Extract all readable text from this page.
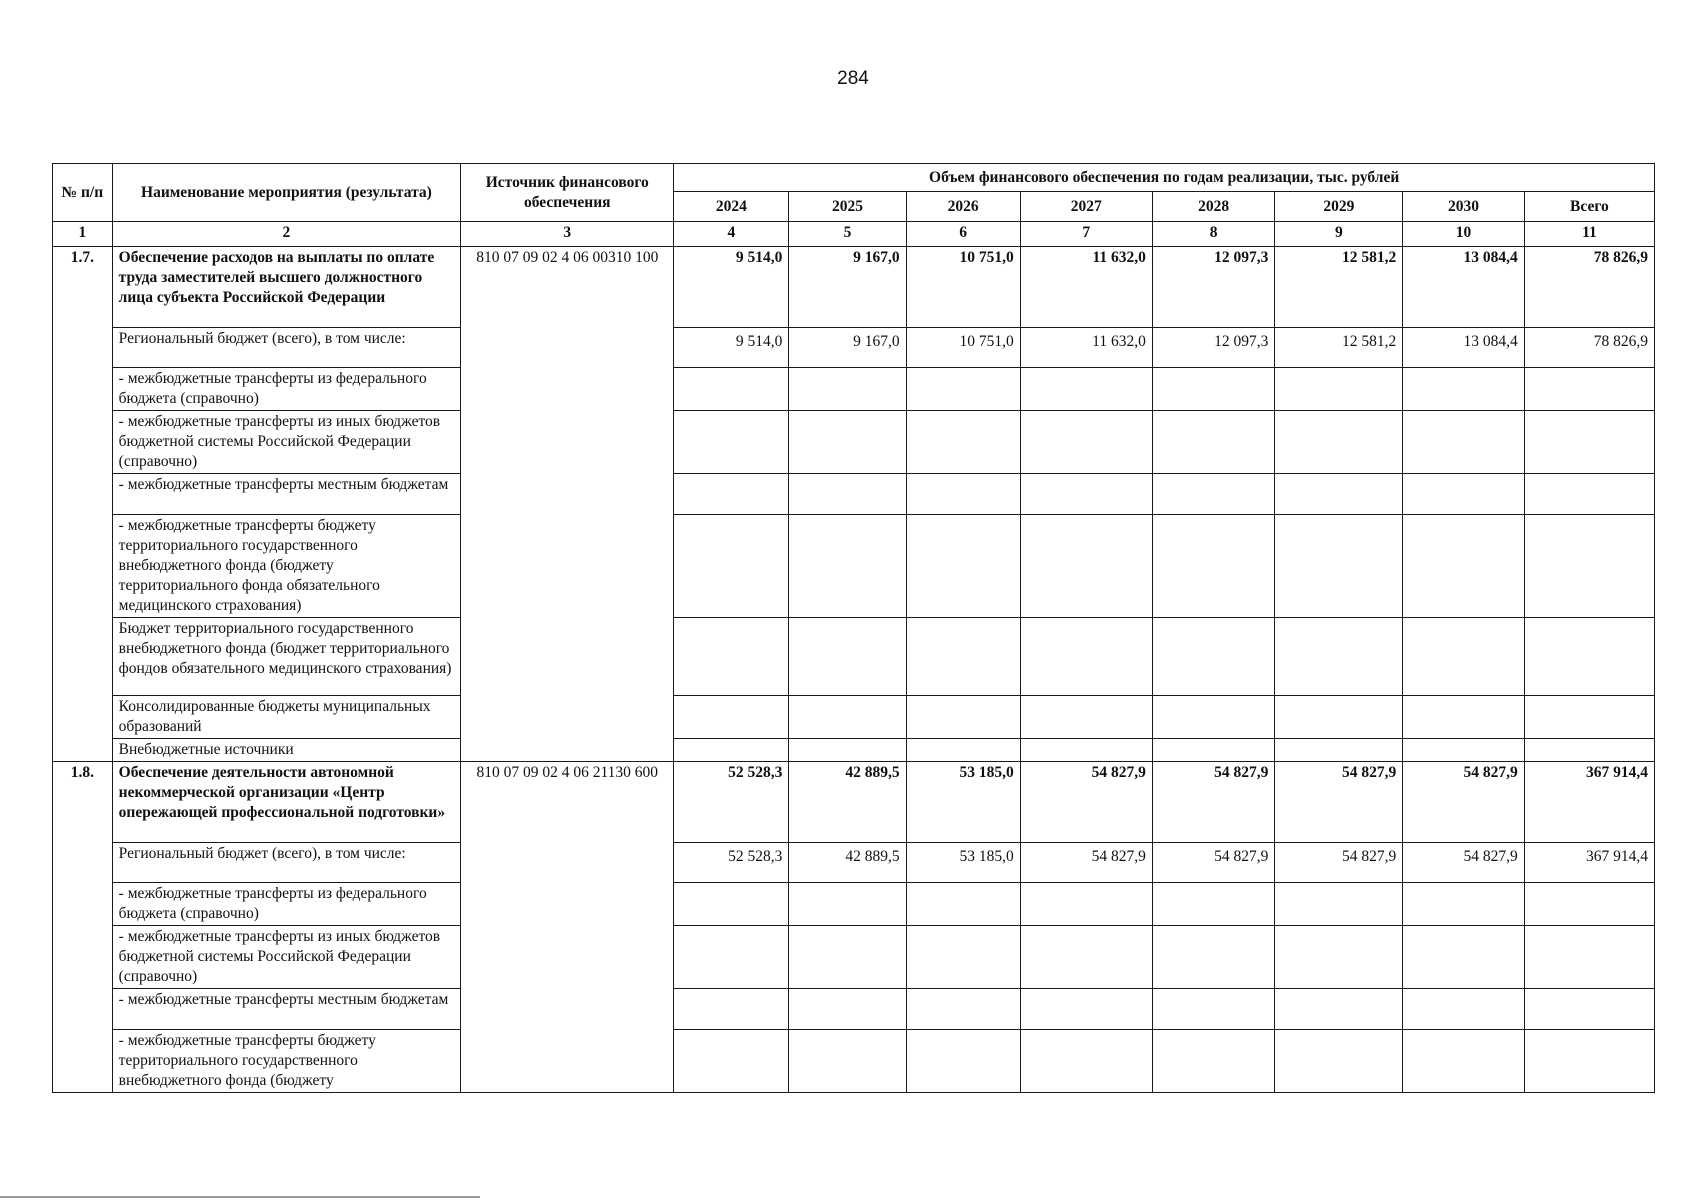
284
№ п/п	Наименование мероприятия (результата)	Источник финансового обеспечения	Объем финансового обеспечения по годам реализации, тыс. рублей							
			2024	2025	2026	2027	2028	2029	2030	Всего
1	2	3	4	5	6	7	8	9	10	11
1.7.	Обеспечение расходов на выплаты по оплате труда заместителей высшего должностного лица субъекта Российской Федерации	810 07 09 02 4 06 00310 100	9 514,0	9 167,0	10 751,0	11 632,0	12 097,3	12 581,2	13 084,4	78 826,9
	Региональный бюджет (всего), в том числе:		9 514,0	9 167,0	10 751,0	11 632,0	12 097,3	12 581,2	13 084,4	78 826,9
	- межбюджетные трансферты из федерального бюджета (справочно)									
	- межбюджетные трансферты из иных бюджетов бюджетной системы Российской Федерации (справочно)									
	- межбюджетные трансферты местным бюджетам									
	- межбюджетные трансферты бюджету территориального государственного внебюджетного фонда (бюджету территориального фонда обязательного медицинского страхования)									
	Бюджет территориального государственного внебюджетного фонда (бюджет территориального фондов обязательного медицинского страхования)									
	Консолидированные бюджеты муниципальных образований									
	Внебюджетные источники									
1.8.	Обеспечение деятельности автономной некоммерческой организации «Центр опережающей профессиональной подготовки»	810 07 09 02 4 06 21130 600	52 528,3	42 889,5	53 185,0	54 827,9	54 827,9	54 827,9	54 827,9	367 914,4
	Региональный бюджет (всего), в том числе:		52 528,3	42 889,5	53 185,0	54 827,9	54 827,9	54 827,9	54 827,9	367 914,4
	- межбюджетные трансферты из федерального бюджета (справочно)									
	- межбюджетные трансферты из иных бюджетов бюджетной системы Российской Федерации (справочно)									
	- межбюджетные трансферты местным бюджетам									
	- межбюджетные трансферты бюджету территориального государственного внебюджетного фонда (бюджету									
